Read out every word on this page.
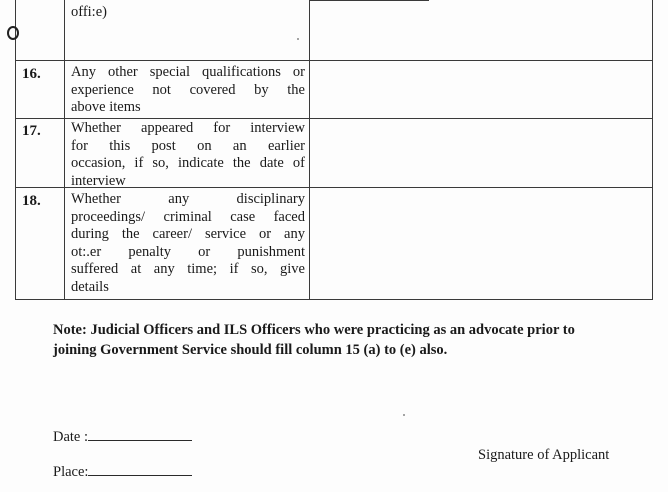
offi:e)
16. Any other special qualifications or
experience not covered by the
above items
17. Whether appeared for interview
for this post on an earlier
occasion, if so, indicate the date of
interview
18. Whether any disciplinary
proceedings/ criminal case faced
during the career/ service or any
ot:.er penalty or punishment
suffered at any time; if so, give
details
Note: Judicial Officers and ILS Officers who were practicing as an advocate prior to
joining Government Service should fill column 15 (a) to (e) also.
Date :
Place:
Signature of Applicant
